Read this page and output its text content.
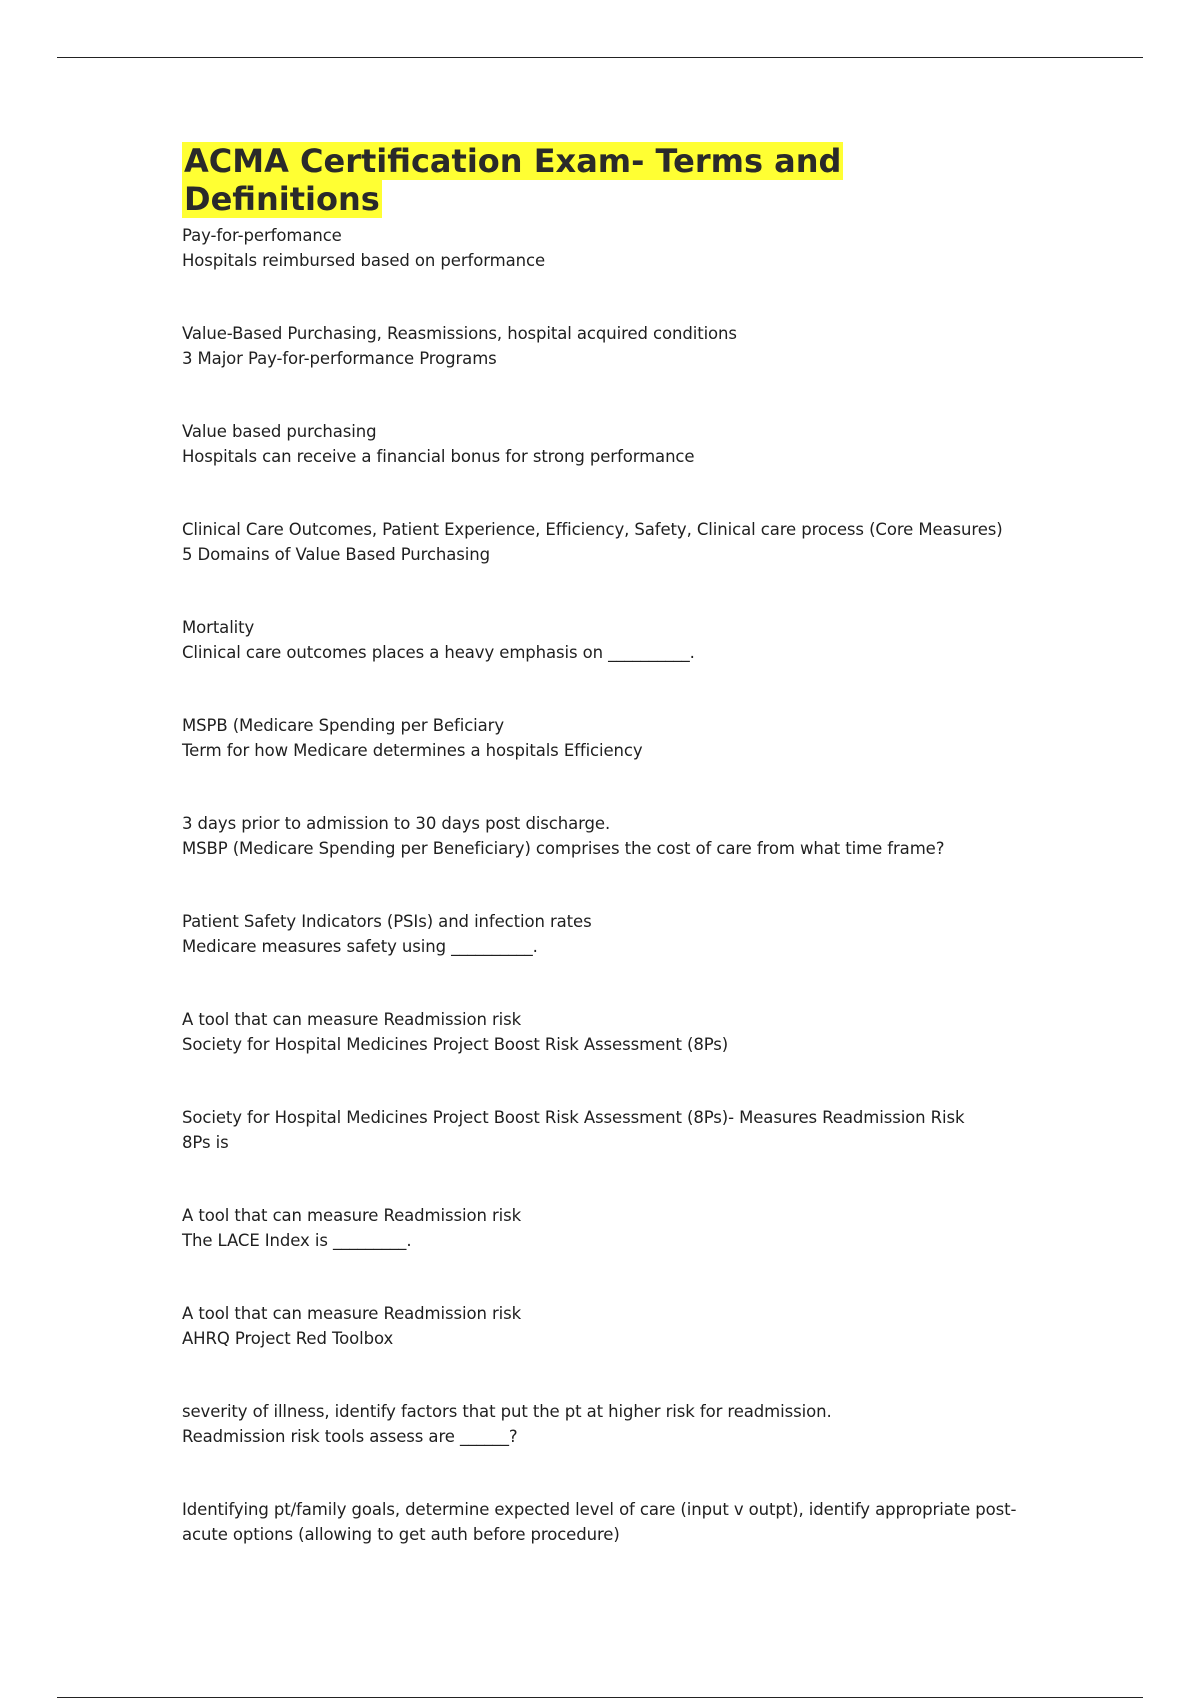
ACMA Certification Exam- Terms and
Definitions
Pay-for-perfomance
Hospitals reimbursed based on performance
Value-Based Purchasing, Reasmissions, hospital acquired conditions
3 Major Pay-for-performance Programs
Value based purchasing
Hospitals can receive a financial bonus for strong performance
Clinical Care Outcomes, Patient Experience, Efficiency, Safety, Clinical care process (Core Measures)
5 Domains of Value Based Purchasing
Mortality
Clinical care outcomes places a heavy emphasis on __________.
MSPB (Medicare Spending per Beficiary
Term for how Medicare determines a hospitals Efficiency
3 days prior to admission to 30 days post discharge.
MSBP (Medicare Spending per Beneficiary) comprises the cost of care from what time frame?
Patient Safety Indicators (PSIs) and infection rates
Medicare measures safety using __________.
A tool that can measure Readmission risk
Society for Hospital Medicines Project Boost Risk Assessment (8Ps)
Society for Hospital Medicines Project Boost Risk Assessment (8Ps)- Measures Readmission Risk
8Ps is
A tool that can measure Readmission risk
The LACE Index is _________.
A tool that can measure Readmission risk
AHRQ Project Red Toolbox
severity of illness, identify factors that put the pt at higher risk for readmission.
Readmission risk tools assess are ______?
Identifying pt/family goals, determine expected level of care (input v outpt), identify appropriate post-
acute options (allowing to get auth before procedure)
